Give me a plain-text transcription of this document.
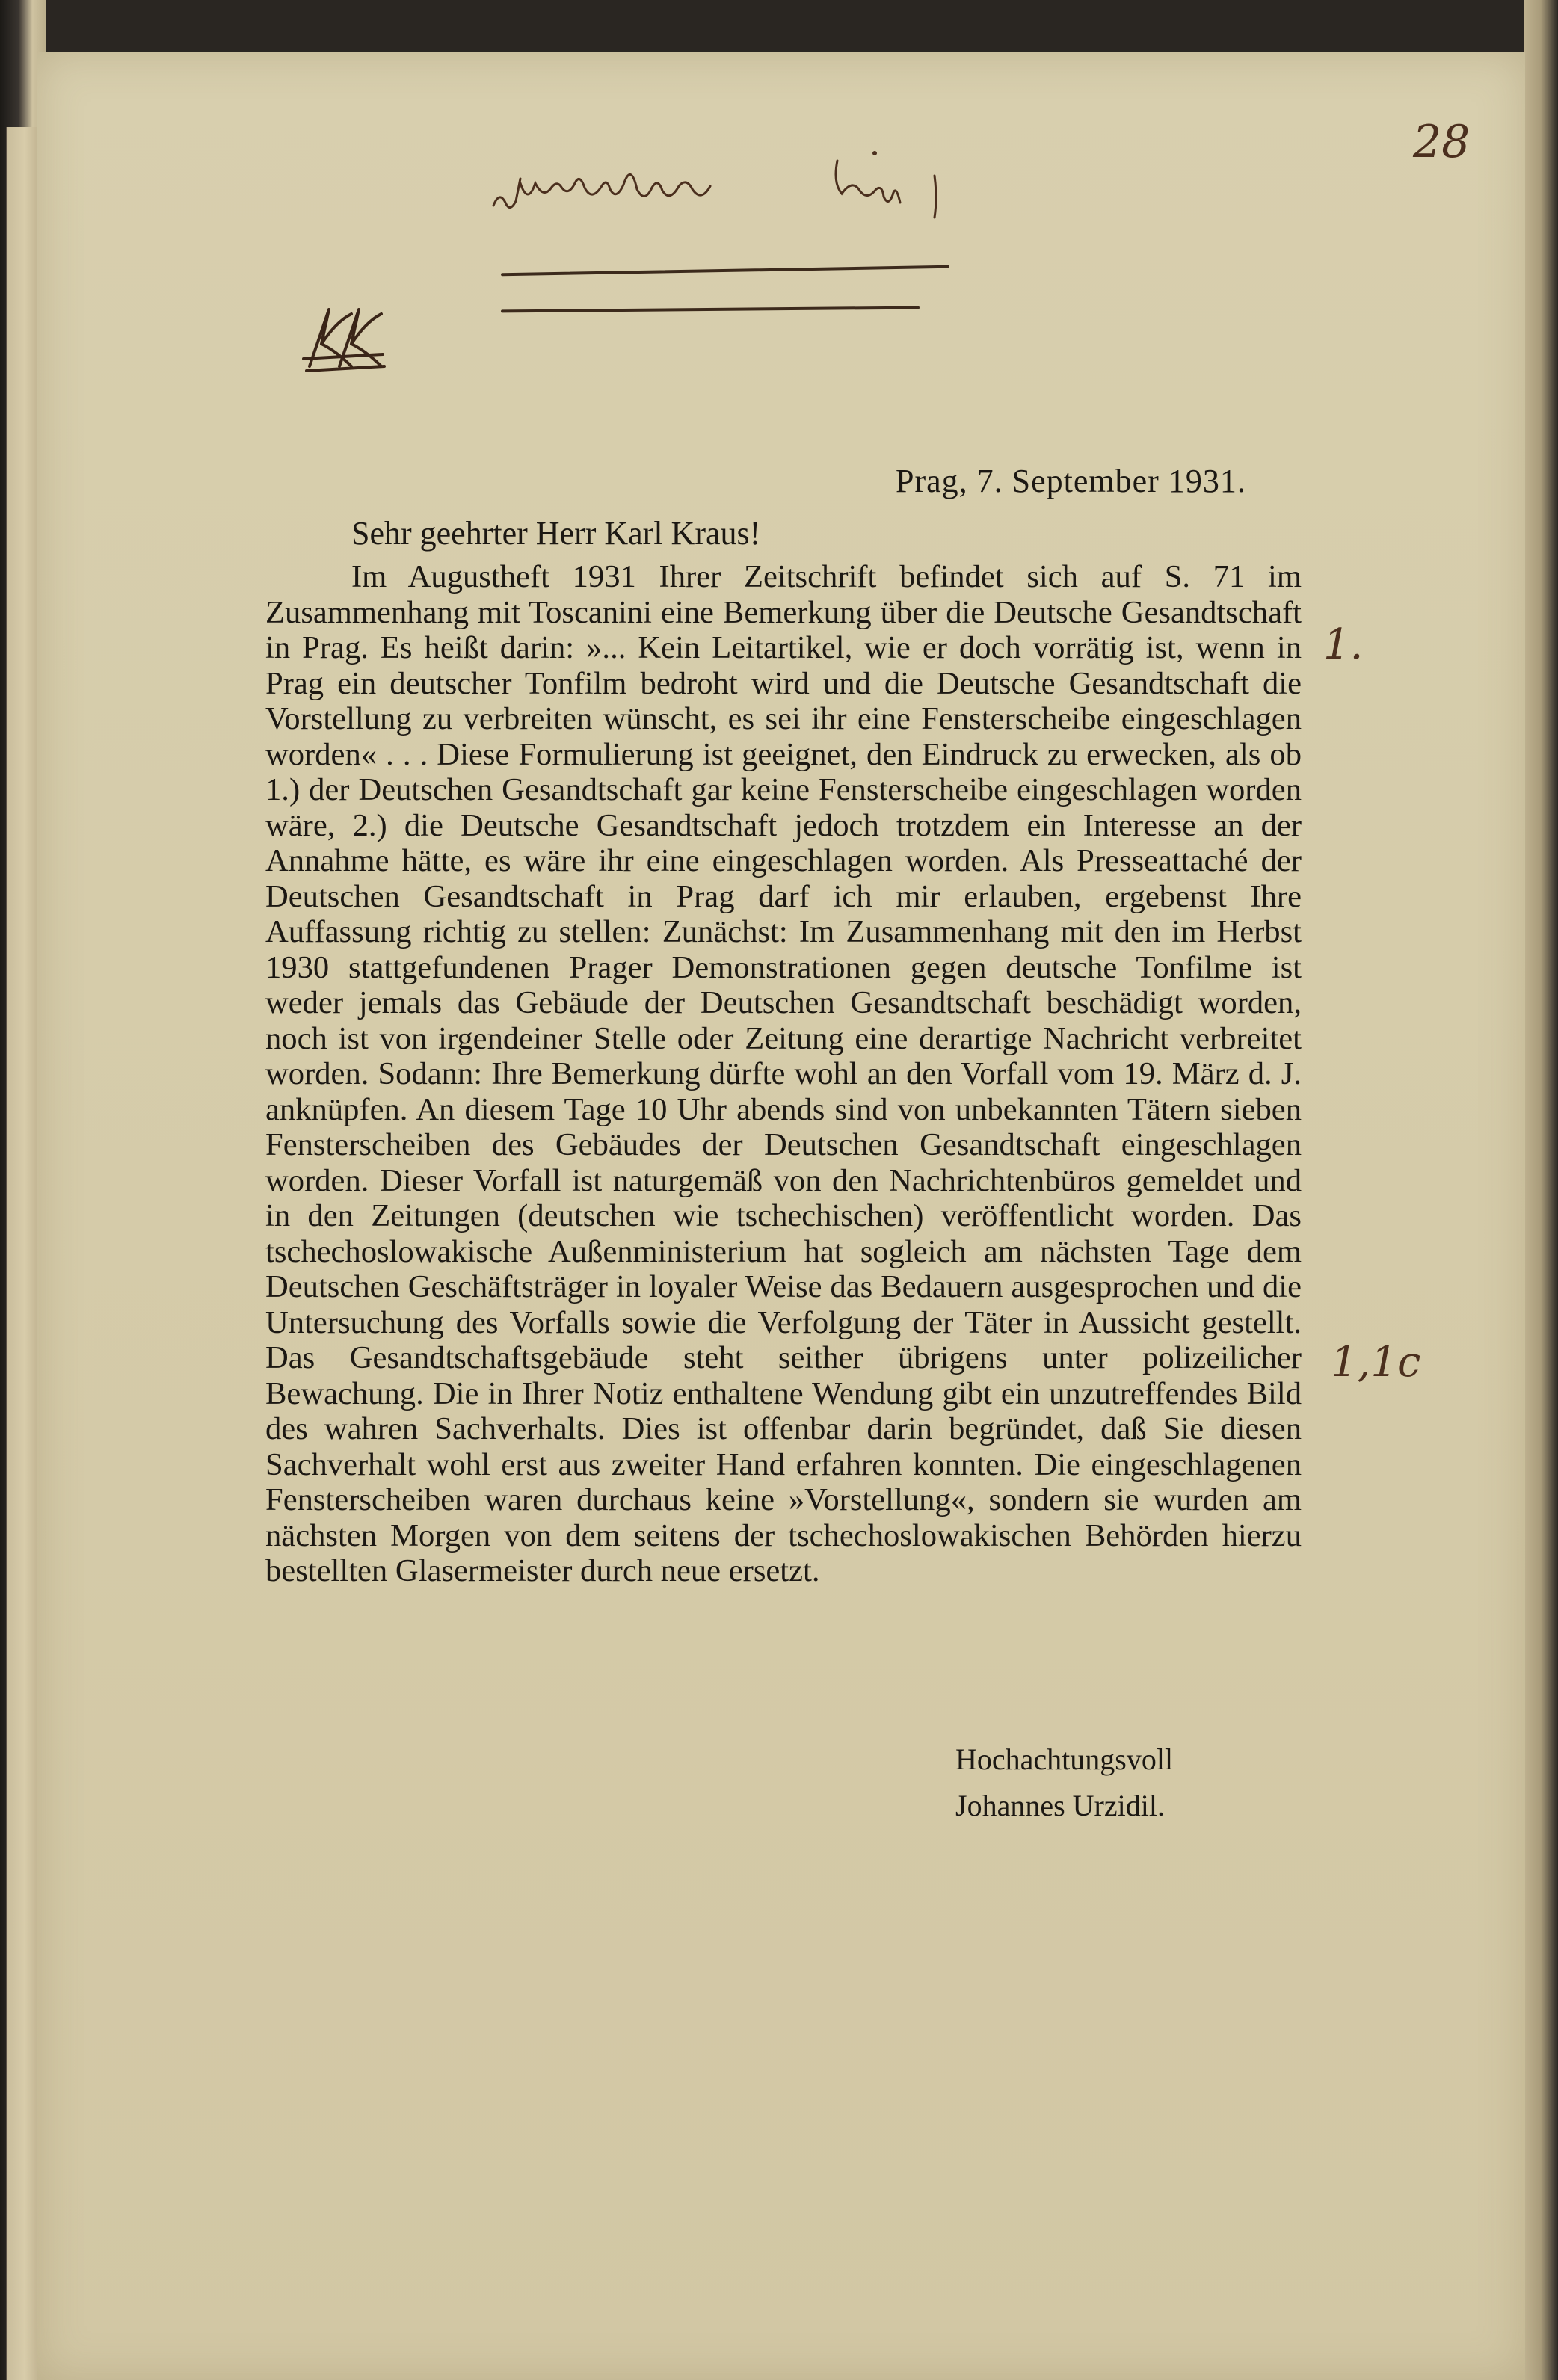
28
1.
1,1c
Prag, 7. September 1931.
Sehr geehrter Herr Karl Kraus!
Im Augustheft 1931 Ihrer Zeitschrift befindet sich auf S. 71 im Zusammenhang mit Toscanini eine Bemerkung über die Deutsche Gesandtschaft in Prag. Es heißt darin: »... Kein Leitartikel, wie er doch vorrätig ist, wenn in Prag ein deutscher Tonfilm bedroht wird und die Deutsche Gesandtschaft die Vorstellung zu verbreiten wünscht, es sei ihr eine Fensterscheibe eingeschlagen worden« . . . Diese Formulierung ist geeignet, den Eindruck zu erwecken, als ob 1.) der Deutschen Gesandtschaft gar keine Fensterscheibe eingeschlagen worden wäre, 2.) die Deutsche Gesandtschaft jedoch trotzdem ein Interesse an der Annahme hätte, es wäre ihr eine eingeschlagen worden. Als Presseattaché der Deutschen Gesandtschaft in Prag darf ich mir erlauben, ergebenst Ihre Auffassung richtig zu stellen: Zunächst: Im Zusammenhang mit den im Herbst 1930 stattgefundenen Prager Demonstrationen gegen deutsche Tonfilme ist weder jemals das Gebäude der Deutschen Gesandtschaft beschädigt worden, noch ist von irgendeiner Stelle oder Zeitung eine derartige Nachricht verbreitet worden. Sodann: Ihre Bemerkung dürfte wohl an den Vorfall vom 19. März d. J. anknüpfen. An diesem Tage 10 Uhr abends sind von unbekannten Tätern sieben Fensterscheiben des Gebäudes der Deutschen Gesandtschaft eingeschlagen worden. Dieser Vorfall ist naturgemäß von den Nachrichtenbüros gemeldet und in den Zeitungen (deutschen wie tschechischen) veröffentlicht worden. Das tschechoslowakische Außenministerium hat sogleich am nächsten Tage dem Deutschen Geschäftsträger in loyaler Weise das Bedauern ausgesprochen und die Untersuchung des Vorfalls sowie die Verfolgung der Täter in Aussicht gestellt. Das Gesandtschaftsgebäude steht seither übrigens unter polizeilicher Bewachung. Die in Ihrer Notiz enthaltene Wendung gibt ein unzutreffendes Bild des wahren Sachverhalts. Dies ist offenbar darin begründet, daß Sie diesen Sachverhalt wohl erst aus zweiter Hand erfahren konnten. Die eingeschlagenen Fensterscheiben waren durchaus keine »Vorstellung«, sondern sie wurden am nächsten Morgen von dem seitens der tschechoslowakischen Behörden hierzu bestellten Glasermeister durch neue ersetzt.
Hochachtungsvoll
Johannes Urzidil.
